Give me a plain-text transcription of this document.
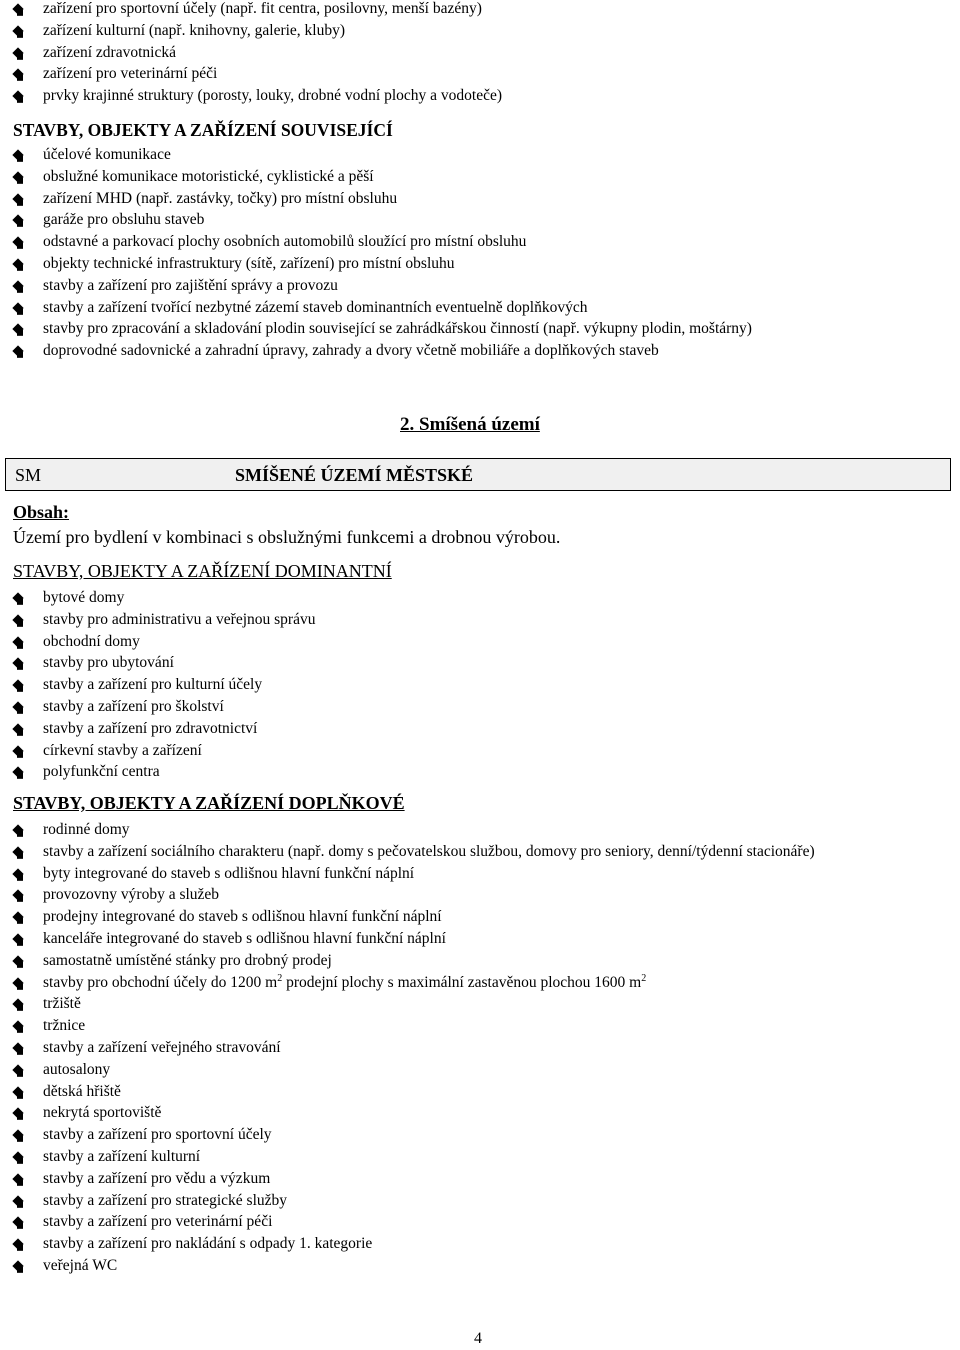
zařízení pro sportovní účely (např. fit centra, posilovny, menší bazény)
zařízení kulturní (např. knihovny, galerie, kluby)
zařízení zdravotnická
zařízení pro veterinární péči
prvky krajinné struktury (porosty, louky, drobné vodní plochy a vodoteče)
STAVBY, OBJEKTY A ZAŘÍZENÍ SOUVISEJÍCÍ
účelové komunikace
obslužné komunikace motoristické, cyklistické a pěší
zařízení MHD (např. zastávky, točky) pro místní obsluhu
garáže pro obsluhu staveb
odstavné a parkovací plochy osobních automobilů sloužící pro místní obsluhu
objekty technické infrastruktury (sítě, zařízení) pro místní obsluhu
stavby a zařízení pro zajištění správy a provozu
stavby a zařízení tvořící nezbytné zázemí staveb dominantních eventuelně doplňkových
stavby pro zpracování a skladování plodin související se zahrádkářskou činností (např. výkupny plodin, moštárny)
doprovodné sadovnické a zahradní úpravy, zahrady a dvory včetně mobiliáře a doplňkových staveb
2. Smíšená území
SM	SMÍŠENÉ ÚZEMÍ MĚSTSKÉ
Obsah:
Území pro bydlení v kombinaci s obslužnými funkcemi a drobnou výrobou.
STAVBY, OBJEKTY A ZAŘÍZENÍ DOMINANTNÍ
bytové domy
stavby pro administrativu a veřejnou správu
obchodní domy
stavby pro ubytování
stavby a zařízení pro kulturní účely
stavby a zařízení pro školství
stavby a zařízení pro zdravotnictví
církevní stavby a zařízení
polyfunkční centra
STAVBY, OBJEKTY A ZAŘÍZENÍ DOPLŇKOVÉ
rodinné domy
stavby a zařízení sociálního charakteru (např. domy s pečovatelskou službou, domovy pro seniory, denní/týdenní stacionáře)
byty integrované do staveb s odlišnou hlavní funkční náplní
provozovny výroby a služeb
prodejny integrované do staveb s odlišnou hlavní funkční náplní
kanceláře integrované do staveb s odlišnou hlavní funkční náplní
samostatně umístěné stánky pro drobný prodej
stavby pro obchodní účely do 1200 $m^2$ prodejní plochy s maximální zastavěnou plochou 1600 $m^2$
tržiště
tržnice
stavby a zařízení veřejného stravování
autosalony
dětská hřiště
nekrytá sportoviště
stavby a zařízení pro sportovní účely
stavby a zařízení kulturní
stavby a zařízení pro vědu a výzkum
stavby a zařízení pro strategické služby
stavby a zařízení pro veterinární péči
stavby a zařízení pro nakládání s odpady 1. kategorie
veřejná WC
4
